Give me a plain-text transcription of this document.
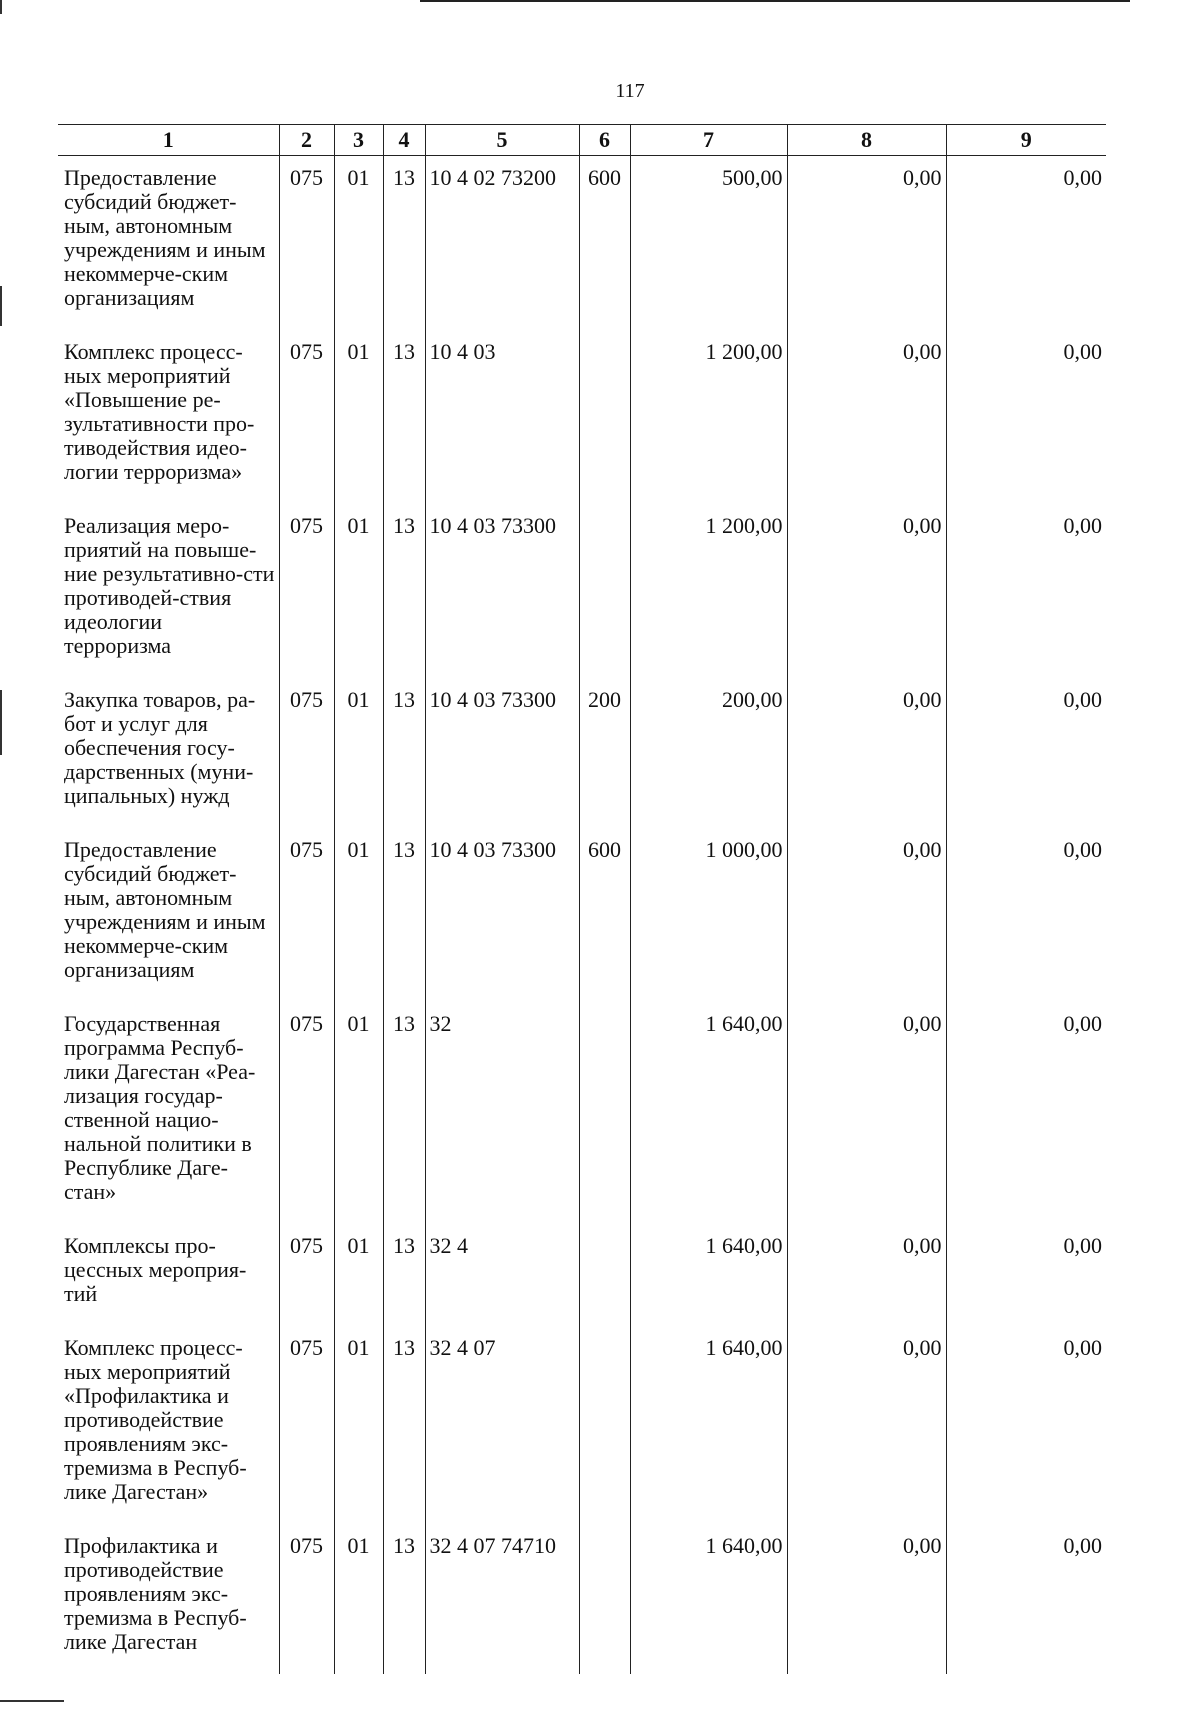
117
1	2	3	4	5	6	7	8	9
Предоставление субсидий бюджет-ным, автономным учреждениям и иным некоммерче-ским организациям	075	01	13	10 4 02 73200	600	500,00	0,00	0,00
Комплекс процесс-ных мероприятий «Повышение ре-зультативности про-тиводействия идео-логии терроризма»	075	01	13	10 4 03		1 200,00	0,00	0,00
Реализация меро-приятий на повыше-ние результативно-сти противодей-ствия идеологии терроризма	075	01	13	10 4 03 73300		1 200,00	0,00	0,00
Закупка товаров, ра-бот и услуг для обеспечения госу-дарственных (муни-ципальных) нужд	075	01	13	10 4 03 73300	200	200,00	0,00	0,00
Предоставление субсидий бюджет-ным, автономным учреждениям и иным некоммерче-ским организациям	075	01	13	10 4 03 73300	600	1 000,00	0,00	0,00
Государственная программа Респуб-лики Дагестан «Реа-лизация государ-ственной нацио-нальной политики в Республике Даге-стан»	075	01	13	32		1 640,00	0,00	0,00
Комплексы про-цессных мероприя-тий	075	01	13	32 4		1 640,00	0,00	0,00
Комплекс процесс-ных мероприятий «Профилактика и противодействие проявлениям экс-тремизма в Респуб-лике Дагестан»	075	01	13	32 4 07		1 640,00	0,00	0,00
Профилактика и противодействие проявлениям экс-тремизма в Респуб-лике Дагестан	075	01	13	32 4 07 74710		1 640,00	0,00	0,00
